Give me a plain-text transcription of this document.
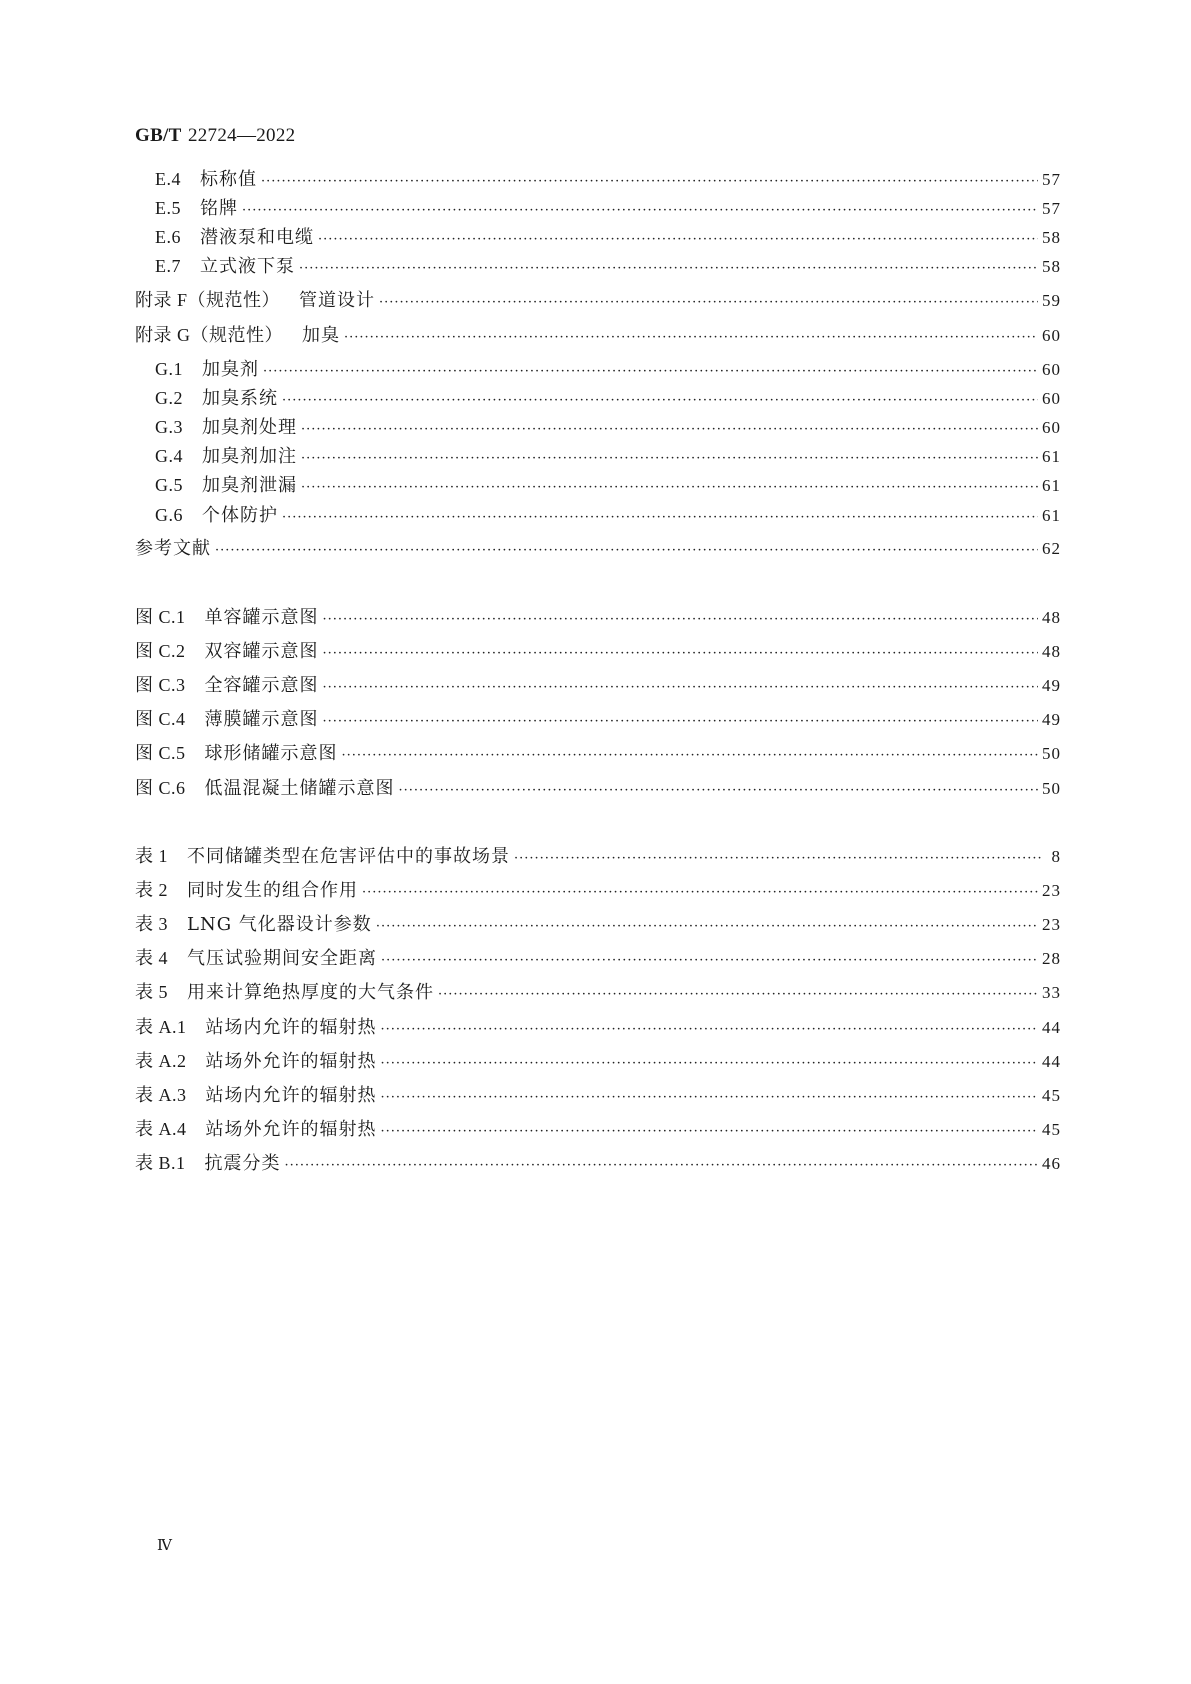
GB/T 22724—2022
E.4  标称值 ·····	57
E.5  铭牌 ·····	57
E.6  潜液泵和电缆 ·····	58
E.7  立式液下泵 ·····	58
附录 F（规范性）  管道设计 ·····	59
附录 G（规范性）  加臭 ·····	60
G.1  加臭剂 ·····	60
G.2  加臭系统 ·····	60
G.3  加臭剂处理 ·····	60
G.4  加臭剂加注 ·····	61
G.5  加臭剂泄漏 ·····	61
G.6  个体防护 ·····	61
参考文献 ·····	62
图 C.1  单容罐示意图 ·····	48
图 C.2  双容罐示意图 ·····	48
图 C.3  全容罐示意图 ·····	49
图 C.4  薄膜罐示意图 ·····	49
图 C.5  球形储罐示意图 ·····	50
图 C.6  低温混凝土储罐示意图 ·····	50
表 1  不同储罐类型在危害评估中的事故场景 ·····	8
表 2  同时发生的组合作用 ·····	23
表 3  LNG 气化器设计参数 ·····	23
表 4  气压试验期间安全距离 ·····	28
表 5  用来计算绝热厚度的大气条件 ·····	33
表 A.1  站场内允许的辐射热 ·····	44
表 A.2  站场外允许的辐射热 ·····	44
表 A.3  站场内允许的辐射热 ·····	45
表 A.4  站场外允许的辐射热 ·····	45
表 B.1  抗震分类 ·····	46
Ⅳ
